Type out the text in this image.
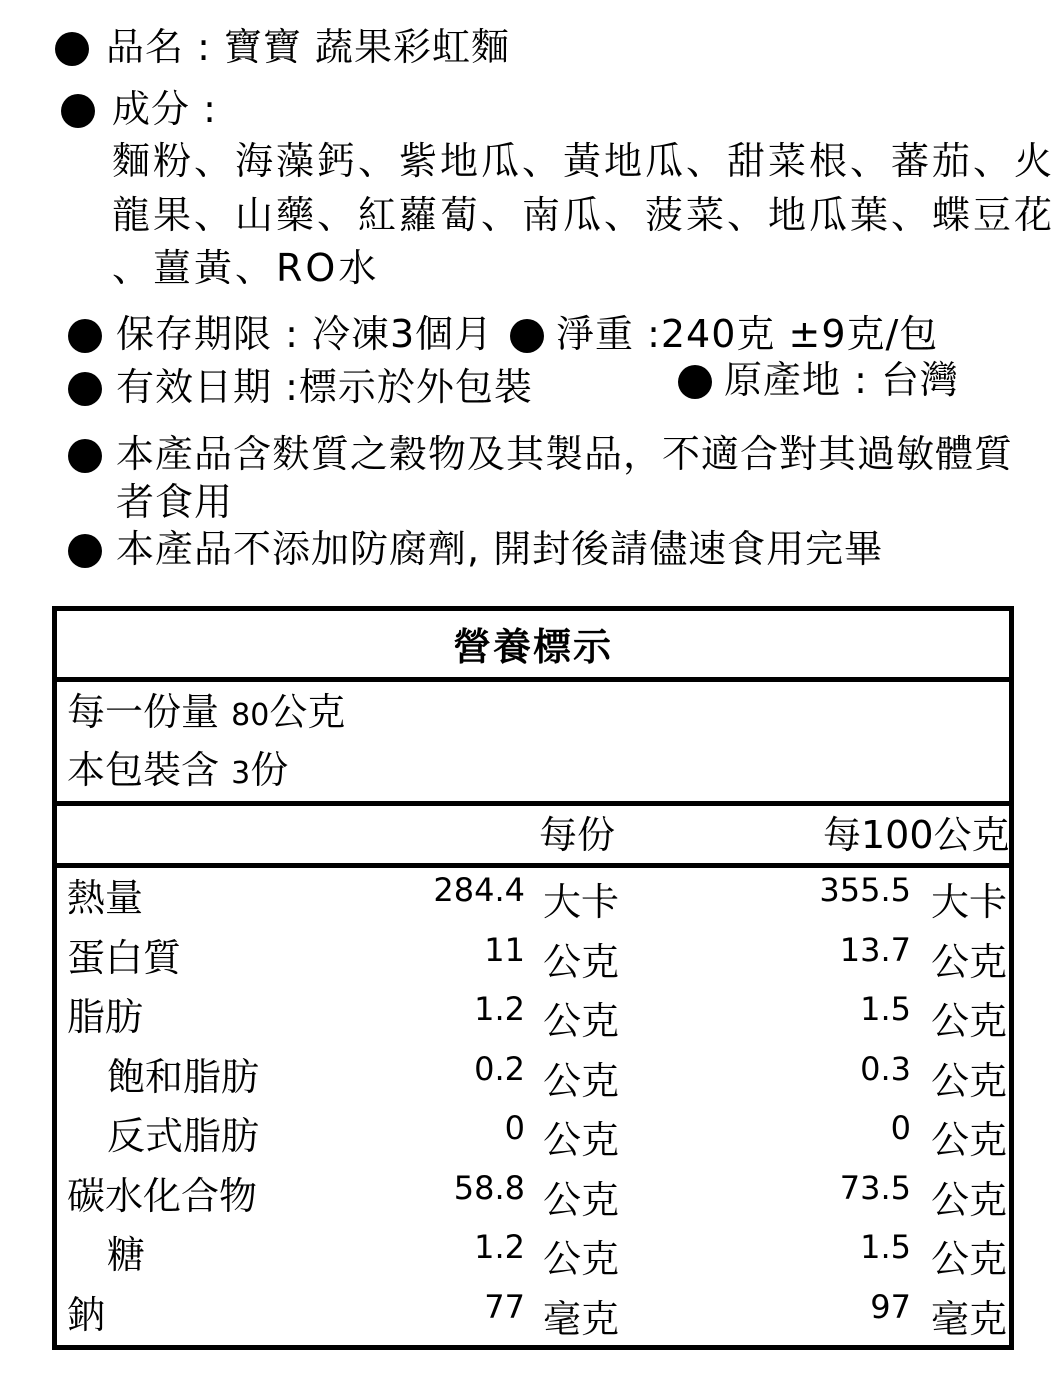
品名 : 寶寶 蔬果彩虹麵
成分 :
麵粉、海藻鈣、紫地瓜、黃地瓜、甜菜根、蕃茄、火
龍果、山藥、紅蘿蔔、南瓜、菠菜、地瓜葉、蝶豆花
、薑黃、RO水
保存期限 : 冷凍3個月 淨重 :240克 ±9克/包
有效日期 :標示於外包裝	原產地 : 台灣
本產品含麩質之穀物及其製品，不適合對其過敏體質
者食用
本產品不添加防腐劑, 開封後請儘速食用完畢
營養標示
每一份量 80公克
本包裝含 3份
每份	每100公克
熱量	284.4 大卡	355.5 大卡
蛋白質	11 公克	13.7 公克
脂肪	1.2 公克	1.5 公克
飽和脂肪	0.2 公克	0.3 公克
反式脂肪	0 公克	0 公克
碳水化合物	58.8 公克	73.5 公克
糖	1.2 公克	1.5 公克
鈉	77 毫克	97 毫克
